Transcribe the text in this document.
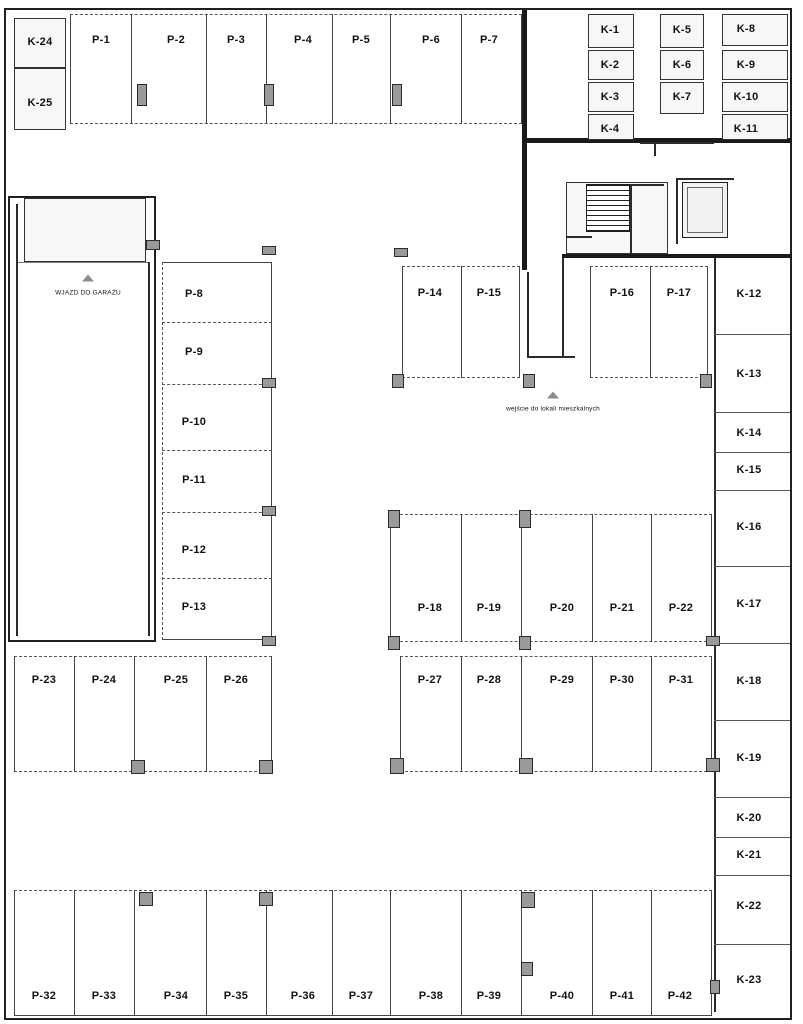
K-24
K-25
P-1	P-2	P-3	P-4	P-5	P-6	P-7
K-1
K-2
K-3
K-4
K-5
K-6
K-7
K-8
K-9
K-10
K-11
WJAZD DO GARAŻU	P-8
P-9
P-10
P-11
P-12
P-13
P-14	P-15
wejście do lokali mieszkalnych
P-16	P-17	K-12
K-13
K-14
K-15
K-16
K-17
K-18
K-19
K-20
K-21
K-22
K-23
P-18	P-19	P-20	P-21	P-22
P-23	P-24	P-25	P-26	P-27	P-28	P-29	P-30	P-31
P-32	P-33	P-34	P-35	P-36	P-37	P-38	P-39	P-40	P-41	P-42
